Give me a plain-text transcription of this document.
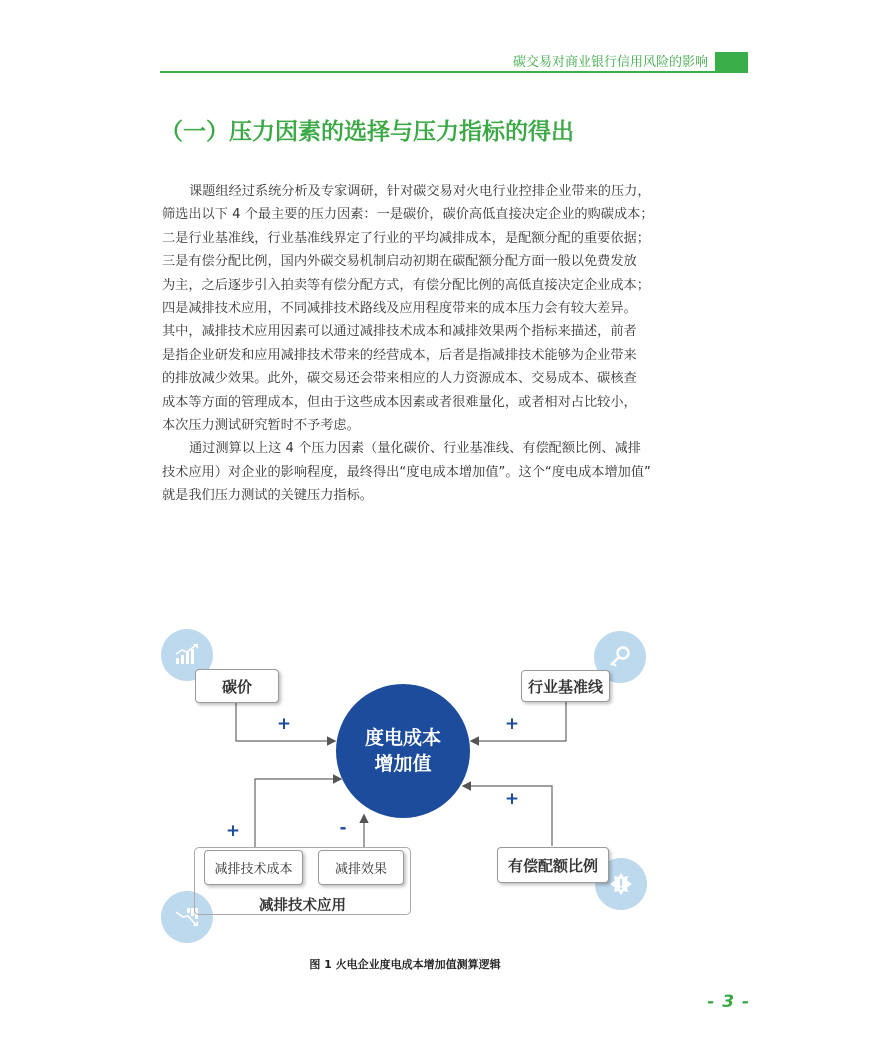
碳交易对商业银行信用风险的影响
（一）压力因素的选择与压力指标的得出
课题组经过系统分析及专家调研，针对碳交易对火电行业控排企业带来的压力，
筛选出以下 4 个最主要的压力因素：一是碳价，碳价高低直接决定企业的购碳成本；
二是行业基准线，行业基准线界定了行业的平均减排成本，是配额分配的重要依据；
三是有偿分配比例，国内外碳交易机制启动初期在碳配额分配方面一般以免费发放
为主，之后逐步引入拍卖等有偿分配方式，有偿分配比例的高低直接决定企业成本；
四是减排技术应用，不同减排技术路线及应用程度带来的成本压力会有较大差异。
其中，减排技术应用因素可以通过减排技术成本和减排效果两个指标来描述，前者
是指企业研发和应用减排技术带来的经营成本，后者是指减排技术能够为企业带来
的排放减少效果。此外，碳交易还会带来相应的人力资源成本、交易成本、碳核查
成本等方面的管理成本，但由于这些成本因素或者很难量化，或者相对占比较小，
本次压力测试研究暂时不予考虑。
通过测算以上这 4 个压力因素（量化碳价、行业基准线、有偿配额比例、减排
技术应用）对企业的影响程度，最终得出“度电成本增加值”。这个“度电成本增加值”
就是我们压力测试的关键压力指标。
碳价	行业基准线
有偿配额比例
减排技术成本	减排效果
减排技术应用
度电成本
增加值
+	+
+
+	-
图 1 火电企业度电成本增加值测算逻辑
- 3 -
